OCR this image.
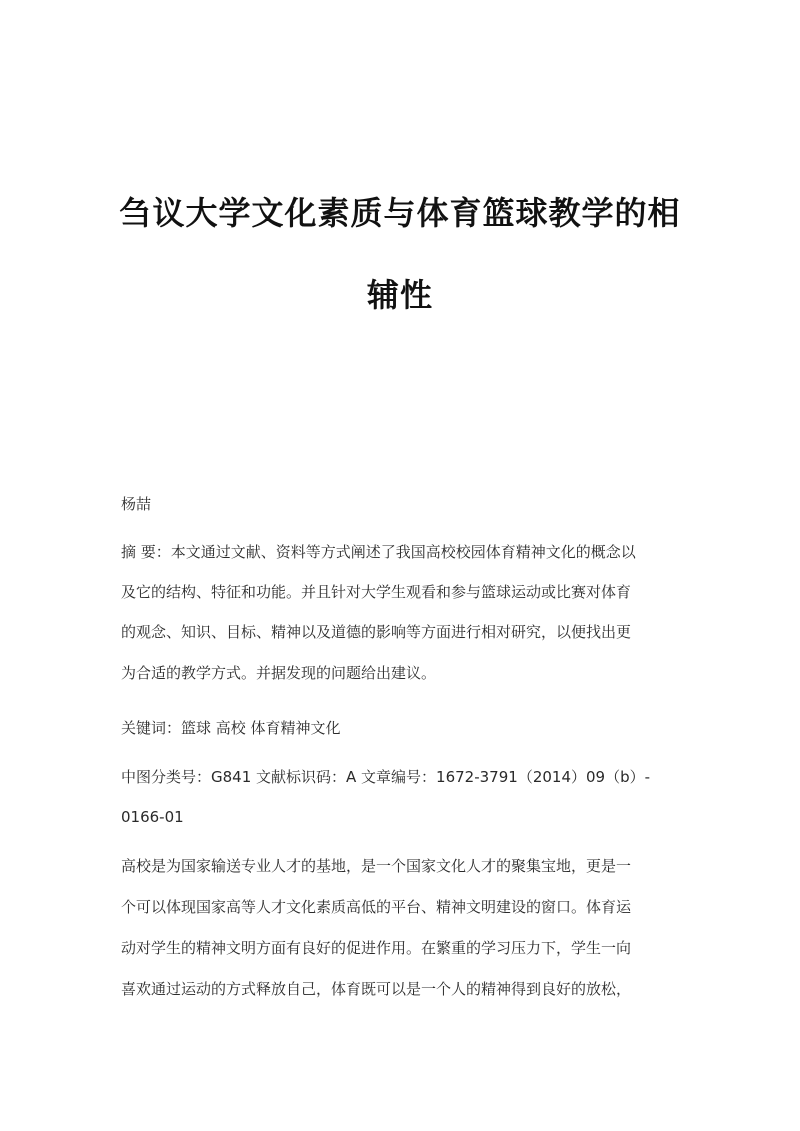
刍议大学文化素质与体育篮球教学的相
辅性

杨喆

摘 要：本文通过文献、资料等方式阐述了我国高校校园体育精神文化的概念以

及它的结构、特征和功能。并且针对大学生观看和参与篮球运动或比赛对体育

的观念、知识、目标、精神以及道德的影响等方面进行相对研究，以便找出更

为合适的教学方式。并据发现的问题给出建议。

关键词：篮球 高校 体育精神文化

中图分类号：G841 文献标识码：A 文章编号：1672-3791（2014）09（b）-

0166-01

高校是为国家输送专业人才的基地，是一个国家文化人才的聚集宝地，更是一

个可以体现国家高等人才文化素质高低的平台、精神文明建设的窗口。体育运

动对学生的精神文明方面有良好的促进作用。在繁重的学习压力下，学生一向

喜欢通过运动的方式释放自己，体育既可以是一个人的精神得到良好的放松，
